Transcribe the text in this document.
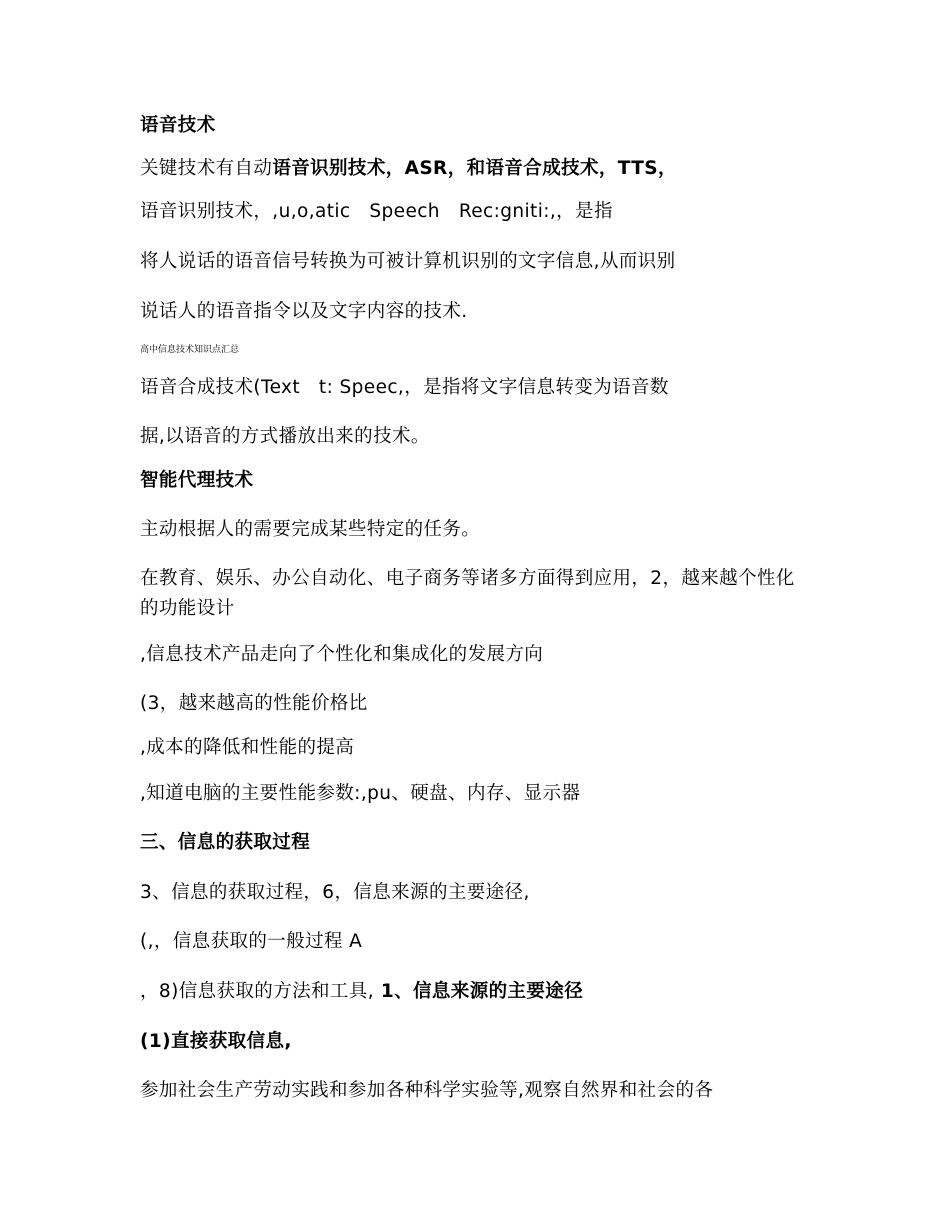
语音技术
关键技术有自动语音识别技术，ASR，和语音合成技术，TTS，
语音识别技术，,u,o,atic　Speech　Rec:gniti:,，是指
将人说话的语音信号转换为可被计算机识别的文字信息,从而识别
说话人的语音指令以及文字内容的技术.
高中信息技术知识点汇总
语音合成技术(Text　t: Speec,，是指将文字信息转变为语音数
据,以语音的方式播放出来的技术。
智能代理技术
主动根据人的需要完成某些特定的任务。
在教育、娱乐、办公自动化、电子商务等诸多方面得到应用，2，越来越个性化的功能设计
,信息技术产品走向了个性化和集成化的发展方向
(3，越来越高的性能价格比
,成本的降低和性能的提高
,知道电脑的主要性能参数:,pu、硬盘、内存、显示器
三、信息的获取过程
3、信息的获取过程，6，信息来源的主要途径,
(,，信息获取的一般过程 A
，8)信息获取的方法和工具, 1、信息来源的主要途径
(1)直接获取信息,
参加社会生产劳动实践和参加各种科学实验等,观察自然界和社会的各
